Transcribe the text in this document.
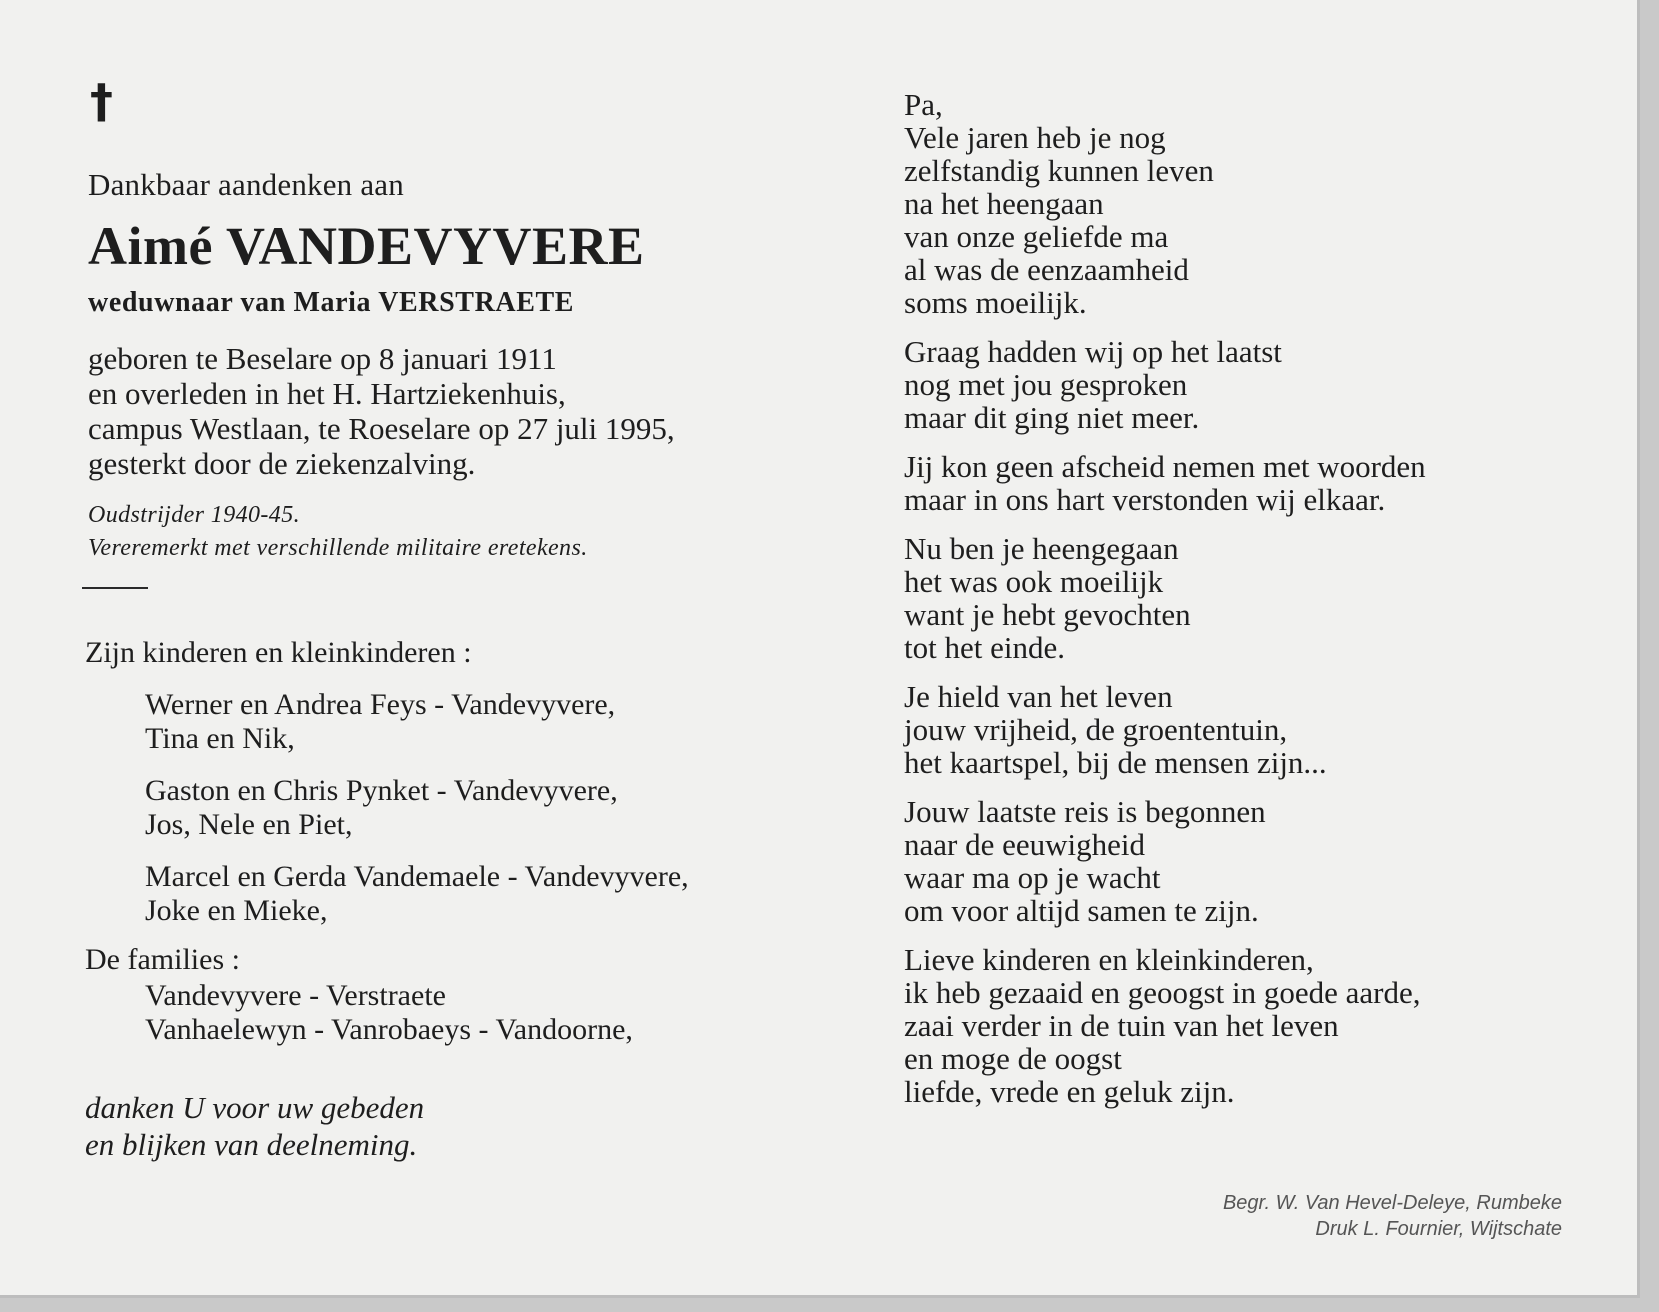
†
Dankbaar aandenken aan
Aimé VANDEVYVERE
weduwnaar van Maria VERSTRAETE
geboren te Beselare op 8 januari 1911
en overleden in het H. Hartziekenhuis,
campus Westlaan, te Roeselare op 27 juli 1995,
gesterkt door de ziekenzalving.
Oudstrijder 1940-45.
Vereremerkt met verschillende militaire eretekens.
Zijn kinderen en kleinkinderen :
Werner en Andrea Feys - Vandevyvere,
Tina en Nik,
Gaston en Chris Pynket - Vandevyvere,
Jos, Nele en Piet,
Marcel en Gerda Vandemaele - Vandevyvere,
Joke en Mieke,
De families :
Vandevyvere - Verstraete
Vanhaelewyn - Vanrobaeys - Vandoorne,
danken U voor uw gebeden
en blijken van deelneming.
Pa,
Vele jaren heb je nog
zelfstandig kunnen leven
na het heengaan
van onze geliefde ma
al was de eenzaamheid
soms moeilijk.
Graag hadden wij op het laatst
nog met jou gesproken
maar dit ging niet meer.
Jij kon geen afscheid nemen met woorden
maar in ons hart verstonden wij elkaar.
Nu ben je heengegaan
het was ook moeilijk
want je hebt gevochten
tot het einde.
Je hield van het leven
jouw vrijheid, de groententuin,
het kaartspel, bij de mensen zijn...
Jouw laatste reis is begonnen
naar de eeuwigheid
waar ma op je wacht
om voor altijd samen te zijn.
Lieve kinderen en kleinkinderen,
ik heb gezaaid en geoogst in goede aarde,
zaai verder in de tuin van het leven
en moge de oogst
liefde, vrede en geluk zijn.
Begr. W. Van Hevel-Deleye, Rumbeke
Druk L. Fournier, Wijtschate
